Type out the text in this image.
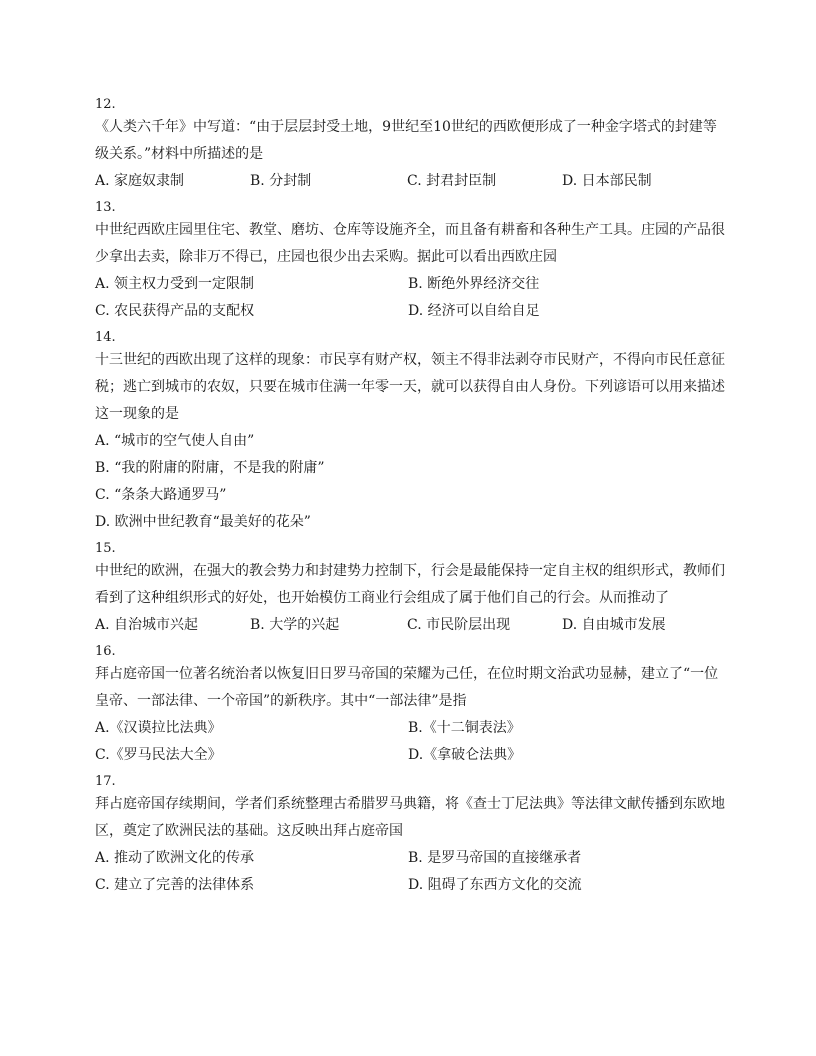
12.

《人类六千年》中写道：“由于层层封受土地，9世纪至10世纪的西欧便形成了一种金字塔式的封建等级关系。”材料中所描述的是

A. 家庭奴隶制	B. 分封制	C. 封君封臣制	D. 日本部民制
13.

中世纪西欧庄园里住宅、教堂、磨坊、仓库等设施齐全，而且备有耕畜和各种生产工具。庄园的产品很少拿出去卖，除非万不得已，庄园也很少出去采购。据此可以看出西欧庄园

A. 领主权力受到一定限制	B. 断绝外界经济交往
C. 农民获得产品的支配权	D. 经济可以自给自足
14.

十三世纪的西欧出现了这样的现象：市民享有财产权，领主不得非法剥夺市民财产，不得向市民任意征税；逃亡到城市的农奴，只要在城市住满一年零一天，就可以获得自由人身份。下列谚语可以用来描述这一现象的是

A. “城市的空气使人自由”
B. “我的附庸的附庸，不是我的附庸”
C. “条条大路通罗马”
D. 欧洲中世纪教育“最美好的花朵”
15.

中世纪的欧洲，在强大的教会势力和封建势力控制下，行会是最能保持一定自主权的组织形式，教师们看到了这种组织形式的好处，也开始模仿工商业行会组成了属于他们自己的行会。从而推动了

A. 自治城市兴起	B. 大学的兴起	C. 市民阶层出现	D. 自由城市发展
16.

拜占庭帝国一位著名统治者以恢复旧日罗马帝国的荣耀为己任，在位时期文治武功显赫，建立了“一位皇帝、一部法律、一个帝国”的新秩序。其中“一部法律”是指

A.《汉谟拉比法典》	B.《十二铜表法》
C.《罗马民法大全》	D.《拿破仑法典》
17.

拜占庭帝国存续期间，学者们系统整理古希腊罗马典籍，将《查士丁尼法典》等法律文献传播到东欧地区，奠定了欧洲民法的基础。这反映出拜占庭帝国

A. 推动了欧洲文化的传承	B. 是罗马帝国的直接继承者
C. 建立了完善的法律体系	D. 阻碍了东西方文化的交流
